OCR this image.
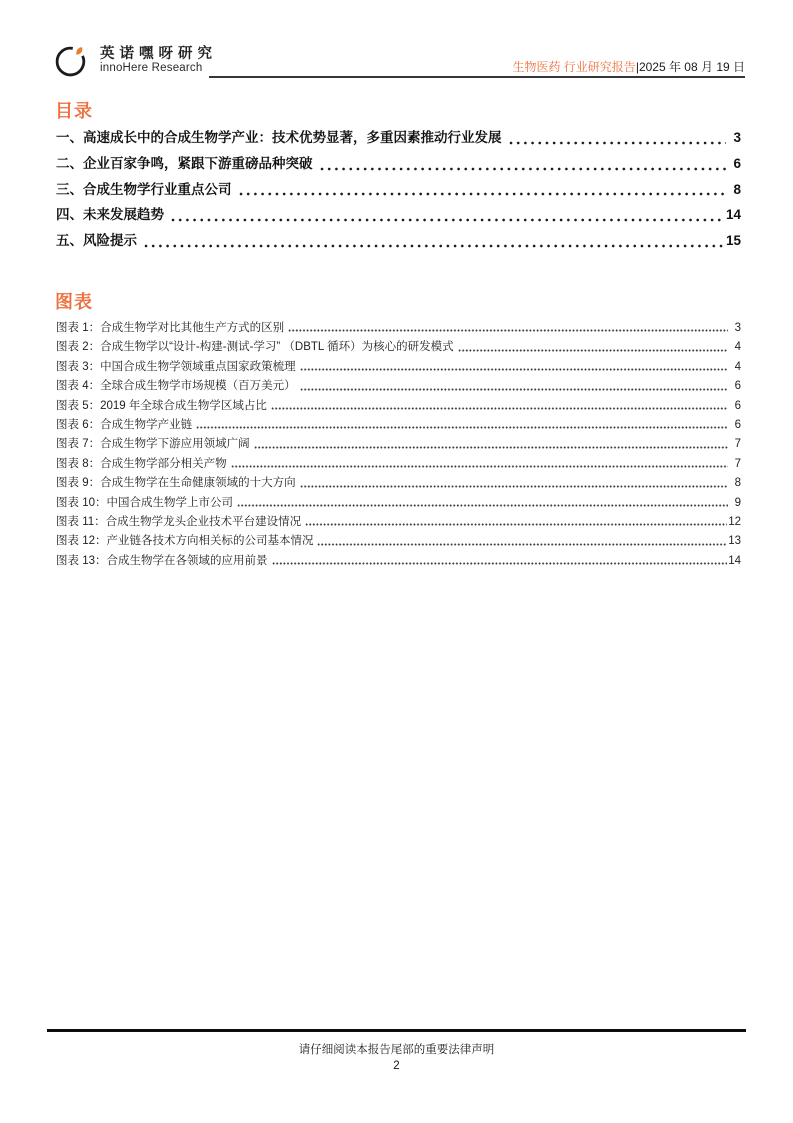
英诺嘿呀研究
innoHere Research	生物医药 行业研究报告|2025 年 08 月 19 日
目录
一、高速成长中的合成生物学产业：技术优势显著，多重因素推动行业发展	3
二、企业百家争鸣，紧跟下游重磅品种突破	6
三、合成生物学行业重点公司	8
四、未来发展趋势	14
五、风险提示	15
图表
图表 1：合成生物学对比其他生产方式的区别	3
图表 2：合成生物学以“设计-构建-测试-学习” （DBTL 循环）为核心的研发模式	4
图表 3：中国合成生物学领域重点国家政策梳理	4
图表 4：全球合成生物学市场规模（百万美元）	6
图表 5：2019 年全球合成生物学区域占比	6
图表 6：合成生物学产业链	6
图表 7：合成生物学下游应用领域广阔	7
图表 8：合成生物学部分相关产物	7
图表 9：合成生物学在生命健康领域的十大方向	8
图表 10：中国合成生物学上市公司	9
图表 11：合成生物学龙头企业技术平台建设情况	12
图表 12：产业链各技术方向相关标的公司基本情况	13
图表 13：合成生物学在各领域的应用前景	14
请仔细阅读本报告尾部的重要法律声明
2
